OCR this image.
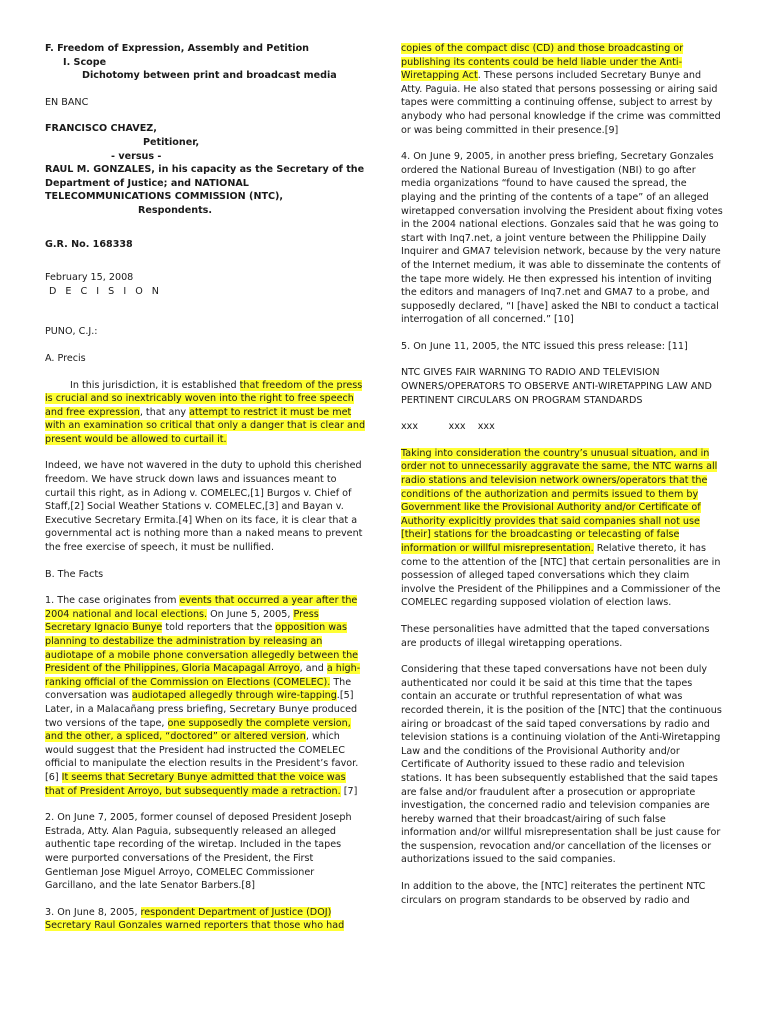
F. Freedom of Expression, Assembly and Petition

I. Scope

Dichotomy between print and broadcast media

EN BANC

FRANCISCO CHAVEZ,

Petitioner,

- versus -

RAUL M. GONZALES, in his capacity as the Secretary of the Department of Justice; and NATIONAL TELECOMMUNICATIONS COMMISSION (NTC),

Respondents.

G.R. No. 168338

February 15, 2008

D E C I S I O N

PUNO, C.J.:

A. Precis

In this jurisdiction, it is established that freedom of the press is crucial and so inextricably woven into the right to free speech and free expression, that any attempt to restrict it must be met with an examination so critical that only a danger that is clear and present would be allowed to curtail it.

Indeed, we have not wavered in the duty to uphold this cherished freedom. We have struck down laws and issuances meant to curtail this right, as in Adiong v. COMELEC,[1] Burgos v. Chief of Staff,[2] Social Weather Stations v. COMELEC,[3] and Bayan v. Executive Secretary Ermita.[4] When on its face, it is clear that a governmental act is nothing more than a naked means to prevent the free exercise of speech, it must be nullified.

B. The Facts

1. The case originates from events that occurred a year after the 2004 national and local elections. On June 5, 2005, Press Secretary Ignacio Bunye told reporters that the opposition was planning to destabilize the administration by releasing an audiotape of a mobile phone conversation allegedly between the President of the Philippines, Gloria Macapagal Arroyo, and a high-ranking official of the Commission on Elections (COMELEC). The conversation was audiotaped allegedly through wire-tapping.[5] Later, in a Malacañang press briefing, Secretary Bunye produced two versions of the tape, one supposedly the complete version, and the other, a spliced, “doctored” or altered version, which would suggest that the President had instructed the COMELEC official to manipulate the election results in the President’s favor. [6] It seems that Secretary Bunye admitted that the voice was that of President Arroyo, but subsequently made a retraction. [7]

2. On June 7, 2005, former counsel of deposed President Joseph Estrada, Atty. Alan Paguia, subsequently released an alleged authentic tape recording of the wiretap. Included in the tapes were purported conversations of the President, the First Gentleman Jose Miguel Arroyo, COMELEC Commissioner Garcillano, and the late Senator Barbers.[8]

3. On June 8, 2005, respondent Department of Justice (DOJ) Secretary Raul Gonzales warned reporters that those who had

copies of the compact disc (CD) and those broadcasting or publishing its contents could be held liable under the Anti-Wiretapping Act. These persons included Secretary Bunye and Atty. Paguia. He also stated that persons possessing or airing said tapes were committing a continuing offense, subject to arrest by anybody who had personal knowledge if the crime was committed or was being committed in their presence.[9]

4. On June 9, 2005, in another press briefing, Secretary Gonzales ordered the National Bureau of Investigation (NBI) to go after media organizations “found to have caused the spread, the playing and the printing of the contents of a tape” of an alleged wiretapped conversation involving the President about fixing votes in the 2004 national elections. Gonzales said that he was going to start with Inq7.net, a joint venture between the Philippine Daily Inquirer and GMA7 television network, because by the very nature of the Internet medium, it was able to disseminate the contents of the tape more widely. He then expressed his intention of inviting the editors and managers of Inq7.net and GMA7 to a probe, and supposedly declared, “I [have] asked the NBI to conduct a tactical interrogation of all concerned.” [10]

5. On June 11, 2005, the NTC issued this press release: [11]

NTC GIVES FAIR WARNING TO RADIO AND TELEVISION OWNERS/OPERATORS TO OBSERVE ANTI-WIRETAPPING LAW AND PERTINENT CIRCULARS ON PROGRAM STANDARDS

xxx          xxx    xxx

Taking into consideration the country’s unusual situation, and in order not to unnecessarily aggravate the same, the NTC warns all radio stations and television network owners/operators that the conditions of the authorization and permits issued to them by Government like the Provisional Authority and/or Certificate of Authority explicitly provides that said companies shall not use [their] stations for the broadcasting or telecasting of false information or willful misrepresentation. Relative thereto, it has come to the attention of the [NTC] that certain personalities are in possession of alleged taped conversations which they claim involve the President of the Philippines and a Commissioner of the COMELEC regarding supposed violation of election laws.

These personalities have admitted that the taped conversations are products of illegal wiretapping operations.

Considering that these taped conversations have not been duly authenticated nor could it be said at this time that the tapes contain an accurate or truthful representation of what was recorded therein, it is the position of the [NTC] that the continuous airing or broadcast of the said taped conversations by radio and television stations is a continuing violation of the Anti-Wiretapping Law and the conditions of the Provisional Authority and/or Certificate of Authority issued to these radio and television stations. It has been subsequently established that the said tapes are false and/or fraudulent after a prosecution or appropriate investigation, the concerned radio and television companies are hereby warned that their broadcast/airing of such false information and/or willful misrepresentation shall be just cause for the suspension, revocation and/or cancellation of the licenses or authorizations issued to the said companies.

In addition to the above, the [NTC] reiterates the pertinent NTC circulars on program standards to be observed by radio and
